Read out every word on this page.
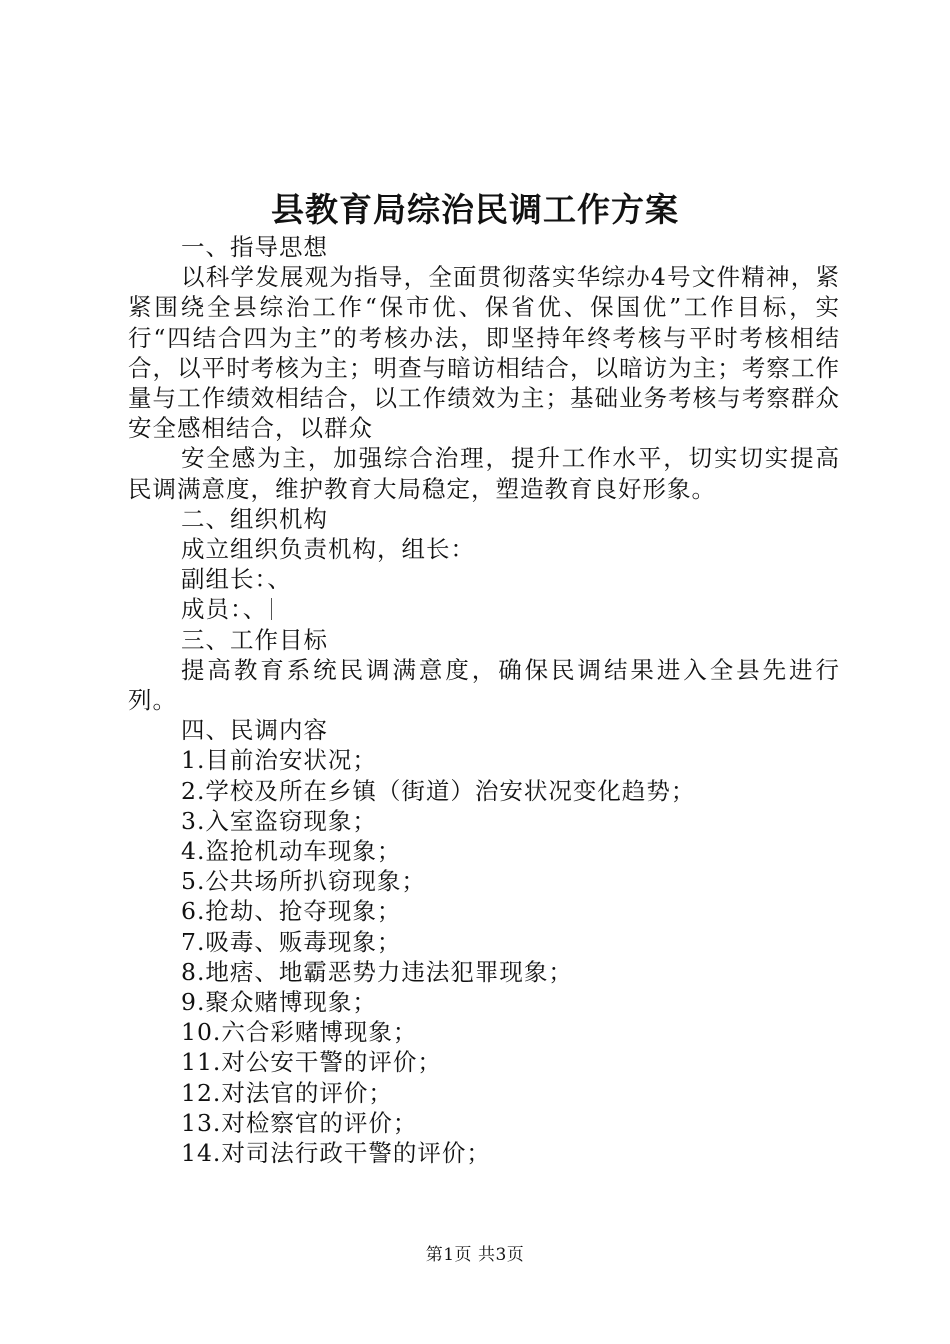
县教育局综治民调工作方案

一、指导思想

以科学发展观为指导，全面贯彻落实华综办4号文件精神，紧紧围绕全县综治工作“保市优、保省优、保国优”工作目标，实行“四结合四为主”的考核办法，即坚持年终考核与平时考核相结合，以平时考核为主；明查与暗访相结合，以暗访为主；考察工作量与工作绩效相结合，以工作绩效为主；基础业务考核与考察群众安全感相结合，以群众

安全感为主，加强综合治理，提升工作水平，切实切实提高民调满意度，维护教育大局稳定，塑造教育良好形象。

二、组织机构

成立组织负责机构，组长：

副组长：、

成员：、

三、工作目标

提高教育系统民调满意度，确保民调结果进入全县先进行列。

四、民调内容

1.目前治安状况；

2.学校及所在乡镇（街道）治安状况变化趋势；

3.入室盗窃现象；

4.盗抢机动车现象；

5.公共场所扒窃现象；

6.抢劫、抢夺现象；

7.吸毒、贩毒现象；

8.地痞、地霸恶势力违法犯罪现象；

9.聚众赌博现象；

10.六合彩赌博现象；

11.对公安干警的评价；

12.对法官的评价；

13.对检察官的评价；

14.对司法行政干警的评价；

第1页 共3页
